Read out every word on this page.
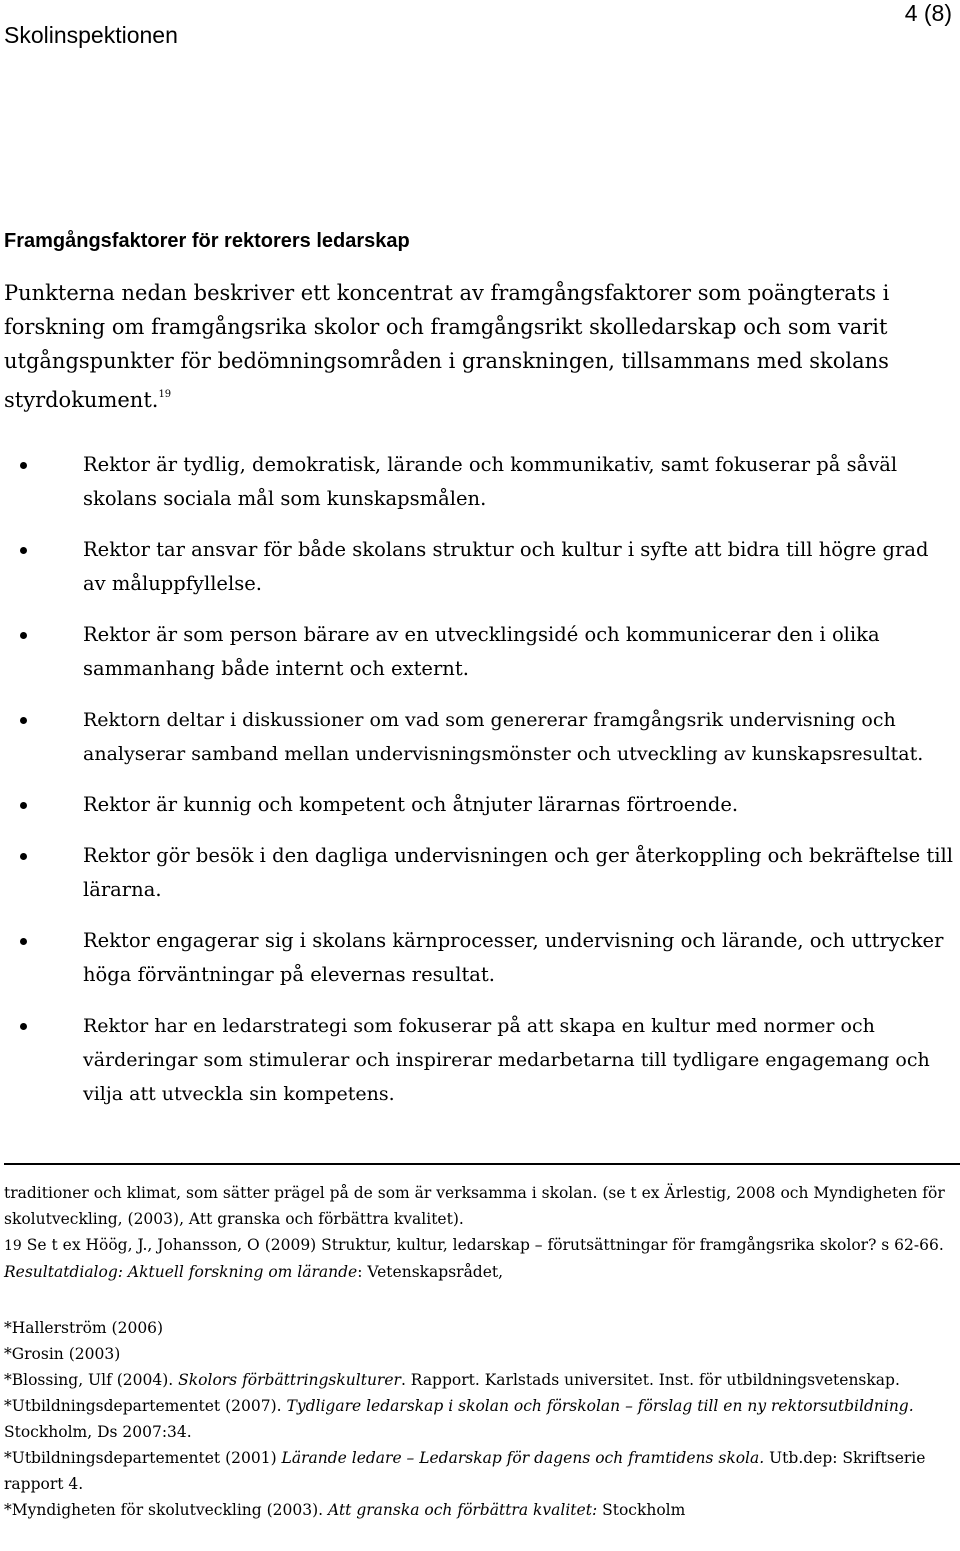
Skolinspektionen
4 (8)
Framgångsfaktorer för rektorers ledarskap
Punkterna nedan beskriver ett koncentrat av framgångsfaktorer som poängterats i forskning om framgångsrika skolor och framgångsrikt skolledarskap och som varit utgångspunkter för bedömningsområden i granskningen, tillsammans med skolans styrdokument.$^{19}$
Rektor är tydlig, demokratisk, lärande och kommunikativ, samt fokuserar på såväl skolans sociala mål som kunskapsmålen.
Rektor tar ansvar för både skolans struktur och kultur i syfte att bidra till högre grad av måluppfyllelse.
Rektor är som person bärare av en utvecklingsidé och kommunicerar den i olika sammanhang både internt och externt.
Rektorn deltar i diskussioner om vad som genererar framgångsrik undervisning och analyserar samband mellan undervisningsmönster och utveckling av kunskapsresultat.
Rektor är kunnig och kompetent och åtnjuter lärarnas förtroende.
Rektor gör besök i den dagliga undervisningen och ger återkoppling och bekräftelse till lärarna.
Rektor engagerar sig i skolans kärnprocesser, undervisning och lärande, och uttrycker höga förväntningar på elevernas resultat.
Rektor har en ledarstrategi som fokuserar på att skapa en kultur med normer och värderingar som stimulerar och inspirerar medarbetarna till tydligare engagemang och vilja att utveckla sin kompetens.

traditioner och klimat, som sätter prägel på de som är verksamma i skolan. (se t ex Ärlestig, 2008 och Myndigheten för skolutveckling, (2003), Att granska och förbättra kvalitet).

19 Se t ex Höög, J., Johansson, O (2009) Struktur, kultur, ledarskap – förutsättningar för framgångsrika skolor? s 62-66. Resultatdialog: Aktuell forskning om lärande: Vetenskapsrådet,

*Hallerström (2006)

*Grosin (2003)

*Blossing, Ulf (2004). Skolors förbättringskulturer. Rapport. Karlstads universitet. Inst. för utbildningsvetenskap.

*Utbildningsdepartementet (2007). Tydligare ledarskap i skolan och förskolan – förslag till en ny rektorsutbildning. Stockholm, Ds 2007:34.

*Utbildningsdepartementet (2001) Lärande ledare – Ledarskap för dagens och framtidens skola. Utb.dep: Skriftserie rapport 4.

*Myndigheten för skolutveckling (2003). Att granska och förbättra kvalitet: Stockholm
